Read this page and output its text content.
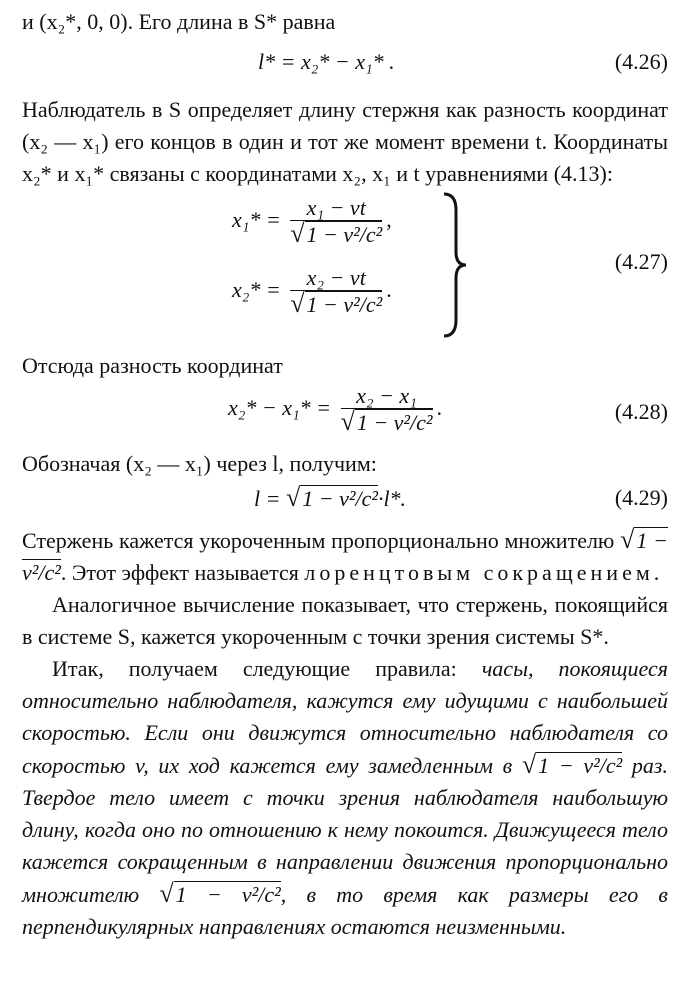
и (x₂*, 0, 0). Его длина в S* равна

l* = x₂* − x₁* .	(4.26)

Наблюдатель в S определяет длину стержня как разность координат (x₂ — x₁) его концов в один и тот же момент времени t. Координаты x₂* и x₁* связаны с координатами x₂, x₁ и t уравнениями (4.13):

$x_1* = \frac{\text{x₁ − vt}}{\text{√1 − v²/c²}}$ ,
$x_2* = \frac{\text{x₂ − vt}}{\text{√1 − v²/c²}}$ .
(4.27)

Отсюда разность координат

$x_2* - x_1* = \frac{\text{x₂ − x₁}}{\text{√1 − v²/c²}}$ .	(4.28)

Обозначая (x₂ — x₁) через l, получим:

l = √1 − v²/c²·l*.	(4.29)

Стержень кажется укороченным пропорционально множителю √1 − v²/c². Этот эффект называется лоренцтовым сокращением.

Аналогичное вычисление показывает, что стержень, покоящийся в системе S, кажется укороченным с точки зрения системы S*.

Итак, получаем следующие правила: часы, покоящиеся относительно наблюдателя, кажутся ему идущими с наибольшей скоростью. Если они движутся относительно наблюдателя со скоростью v, их ход кажется ему замедленным в √1 − v²/c² раз. Твердое тело имеет с точки зрения наблюдателя наибольшую длину, когда оно по отношению к нему покоится. Движущееся тело кажется сокращенным в направлении движения пропорционально множителю √1 − v²/c², в то время как размеры его в перпендикулярных направлениях остаются неизменными.
